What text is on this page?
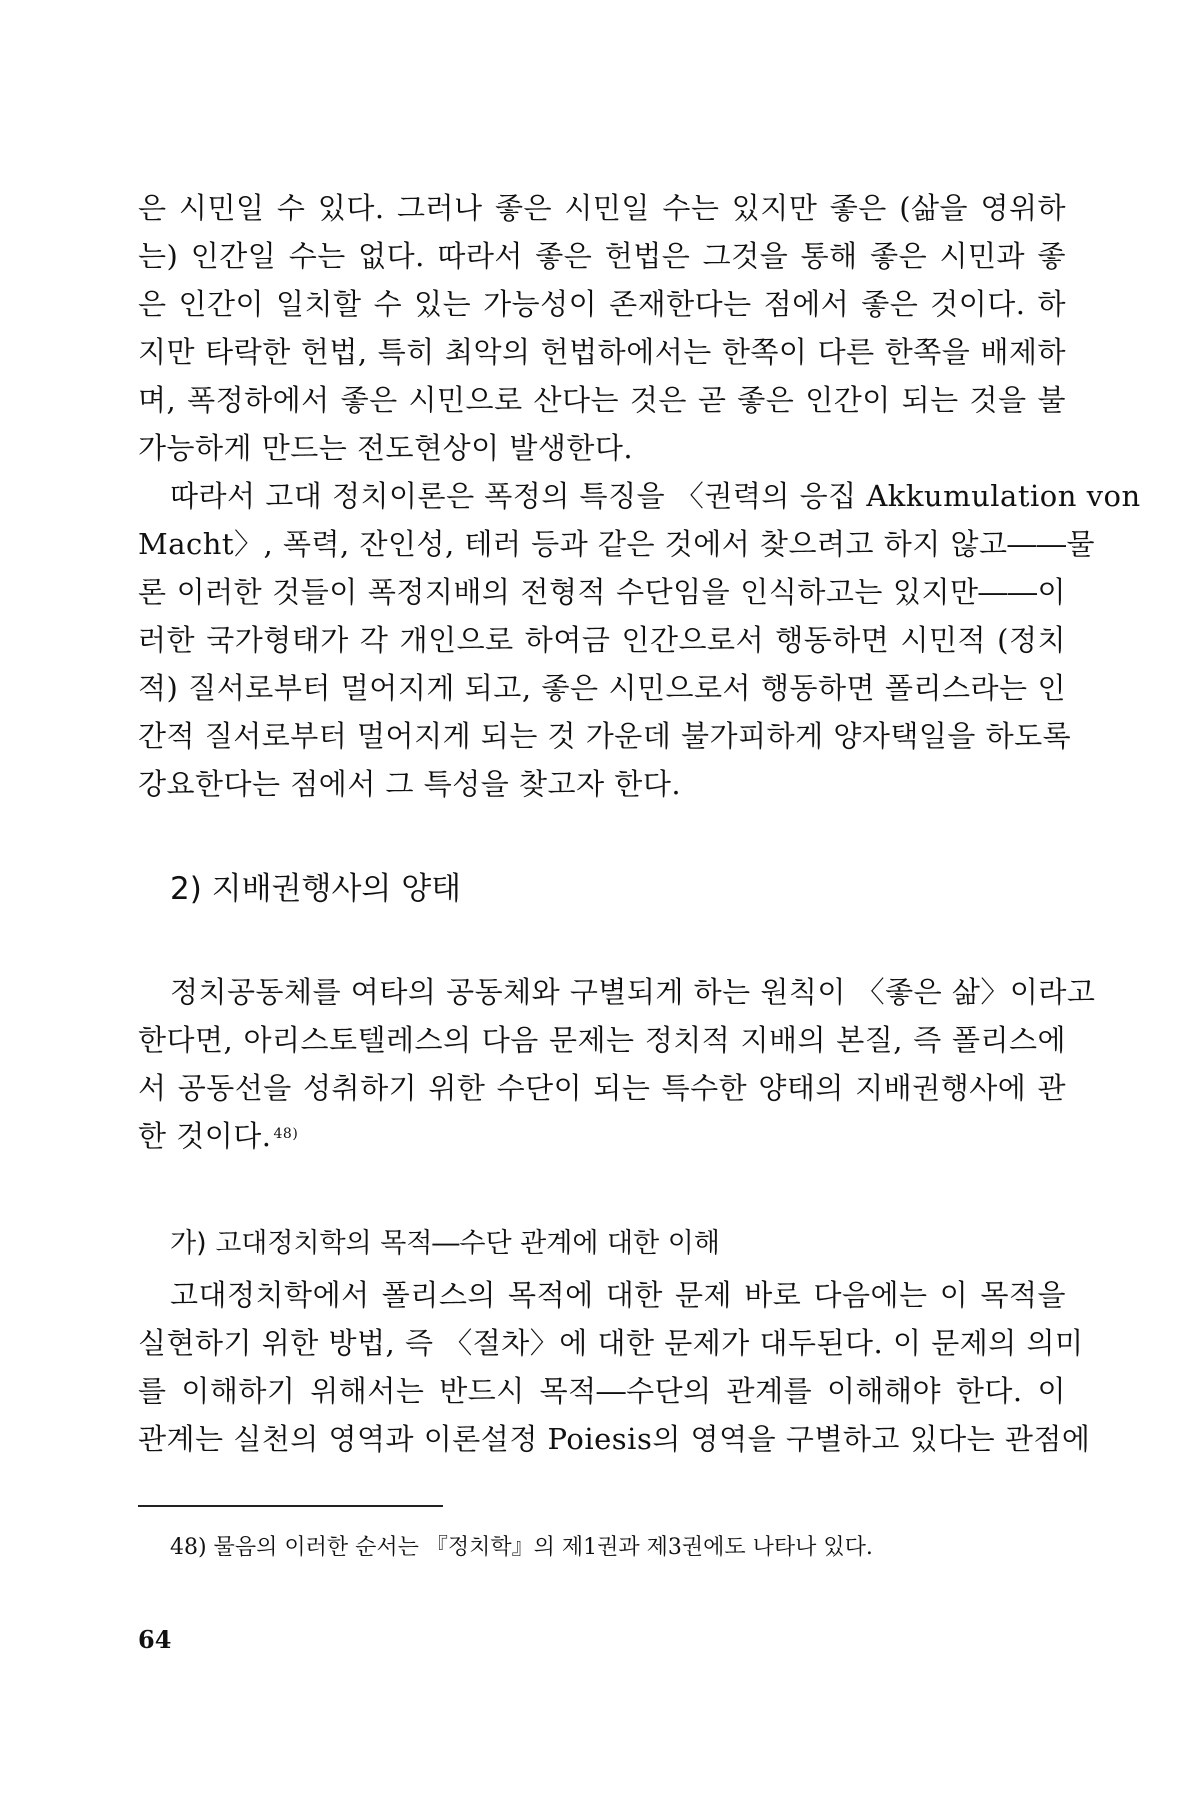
은 시민일 수 있다. 그러나 좋은 시민일 수는 있지만 좋은 (삶을 영위하
는) 인간일 수는 없다. 따라서 좋은 헌법은 그것을 통해 좋은 시민과 좋
은 인간이 일치할 수 있는 가능성이 존재한다는 점에서 좋은 것이다. 하
지만 타락한 헌법, 특히 최악의 헌법하에서는 한쪽이 다른 한쪽을 배제하
며, 폭정하에서 좋은 시민으로 산다는 것은 곧 좋은 인간이 되는 것을 불
가능하게 만드는 전도현상이 발생한다.
따라서 고대 정치이론은 폭정의 특징을 〈권력의 응집 Akkumulation von
Macht〉, 폭력, 잔인성, 테러 등과 같은 것에서 찾으려고 하지 않고――물
론 이러한 것들이 폭정지배의 전형적 수단임을 인식하고는 있지만――이
러한 국가형태가 각 개인으로 하여금 인간으로서 행동하면 시민적 (정치
적) 질서로부터 멀어지게 되고, 좋은 시민으로서 행동하면 폴리스라는 인
간적 질서로부터 멀어지게 되는 것 가운데 불가피하게 양자택일을 하도록
강요한다는 점에서 그 특성을 찾고자 한다.
2) 지배권행사의 양태
정치공동체를 여타의 공동체와 구별되게 하는 원칙이 〈좋은 삶〉이라고
한다면, 아리스토텔레스의 다음 문제는 정치적 지배의 본질, 즉 폴리스에
서 공동선을 성취하기 위한 수단이 되는 특수한 양태의 지배권행사에 관
한 것이다. $^{48)}$
가) 고대정치학의 목적―수단 관계에 대한 이해
고대정치학에서 폴리스의 목적에 대한 문제 바로 다음에는 이 목적을
실현하기 위한 방법, 즉 〈절차〉에 대한 문제가 대두된다. 이 문제의 의미
를 이해하기 위해서는 반드시 목적―수단의 관계를 이해해야 한다. 이
관계는 실천의 영역과 이론설정 Poiesis의 영역을 구별하고 있다는 관점에
48) 물음의 이러한 순서는 『정치학』의 제1권과 제3권에도 나타나 있다.
64
